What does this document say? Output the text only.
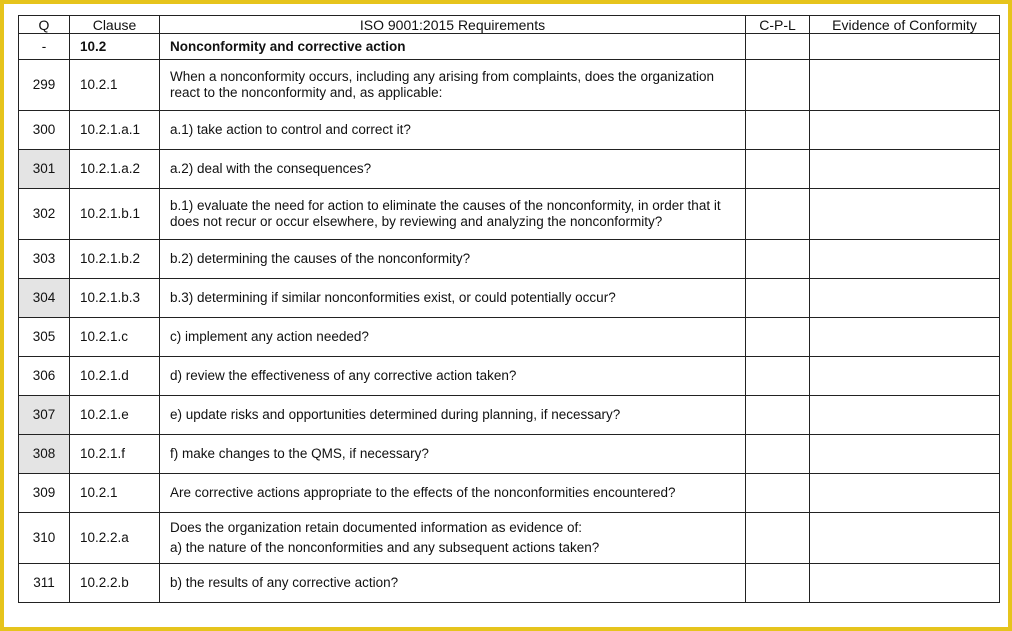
Q	Clause	ISO 9001:2015 Requirements	C-P-L	Evidence of Conformity
-	10.2	Nonconformity and corrective action		
299	10.2.1	When a nonconformity occurs, including any arising from complaints, does the organization react to the nonconformity and, as applicable:		
300	10.2.1.a.1	a.1) take action to control and correct it?		
301	10.2.1.a.2	a.2) deal with the consequences?		
302	10.2.1.b.1	b.1) evaluate the need for action to eliminate the causes of the nonconformity, in order that it does not recur or occur elsewhere, by reviewing and analyzing the nonconformity?		
303	10.2.1.b.2	b.2) determining the causes of the nonconformity?		
304	10.2.1.b.3	b.3) determining if similar nonconformities exist, or could potentially occur?		
305	10.2.1.c	c) implement any action needed?		
306	10.2.1.d	d) review the effectiveness of any corrective action taken?		
307	10.2.1.e	e) update risks and opportunities determined during planning, if necessary?		
308	10.2.1.f	f) make changes to the QMS, if necessary?		
309	10.2.1	Are corrective actions appropriate to the effects of the nonconformities encountered?		
310	10.2.2.a	Does the organization retain documented information as evidence of:
a) the nature of the nonconformities and any subsequent actions taken?		

311	10.2.2.b	b) the results of any corrective action?		
